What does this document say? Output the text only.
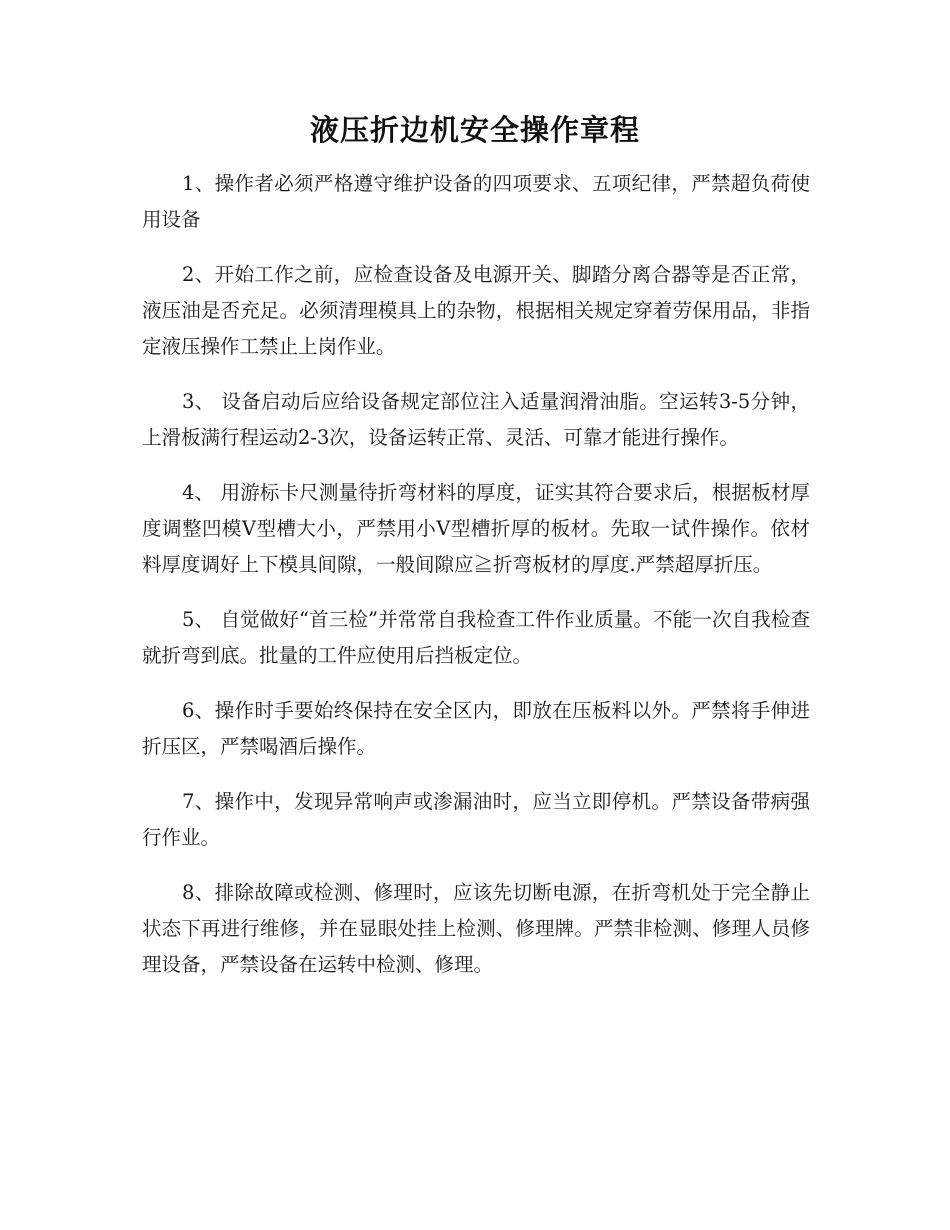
液压折边机安全操作章程

1、操作者必须严格遵守维护设备的四项要求、五项纪律，严禁超负荷使用设备

2、开始工作之前，应检查设备及电源开关、脚踏分离合器等是否正常，液压油是否充足。必须清理模具上的杂物，根据相关规定穿着劳保用品，非指定液压操作工禁止上岗作业。

3、 设备启动后应给设备规定部位注入适量润滑油脂。空运转3-5分钟，上滑板满行程运动2-3次，设备运转正常、灵活、可靠才能进行操作。

4、 用游标卡尺测量待折弯材料的厚度，证实其符合要求后，根据板材厚度调整凹模V型槽大小，严禁用小V型槽折厚的板材。先取一试件操作。依材料厚度调好上下模具间隙，一般间隙应≧折弯板材的厚度.严禁超厚折压。

5、 自觉做好“首三检”并常常自我检查工件作业质量。不能一次自我检查就折弯到底。批量的工件应使用后挡板定位。

6、操作时手要始终保持在安全区内，即放在压板料以外。严禁将手伸进折压区，严禁喝酒后操作。

7、操作中，发现异常响声或渗漏油时，应当立即停机。严禁设备带病强行作业。

8、排除故障或检测、修理时，应该先切断电源，在折弯机处于完全静止状态下再进行维修，并在显眼处挂上检测、修理牌。严禁非检测、修理人员修理设备，严禁设备在运转中检测、修理。
